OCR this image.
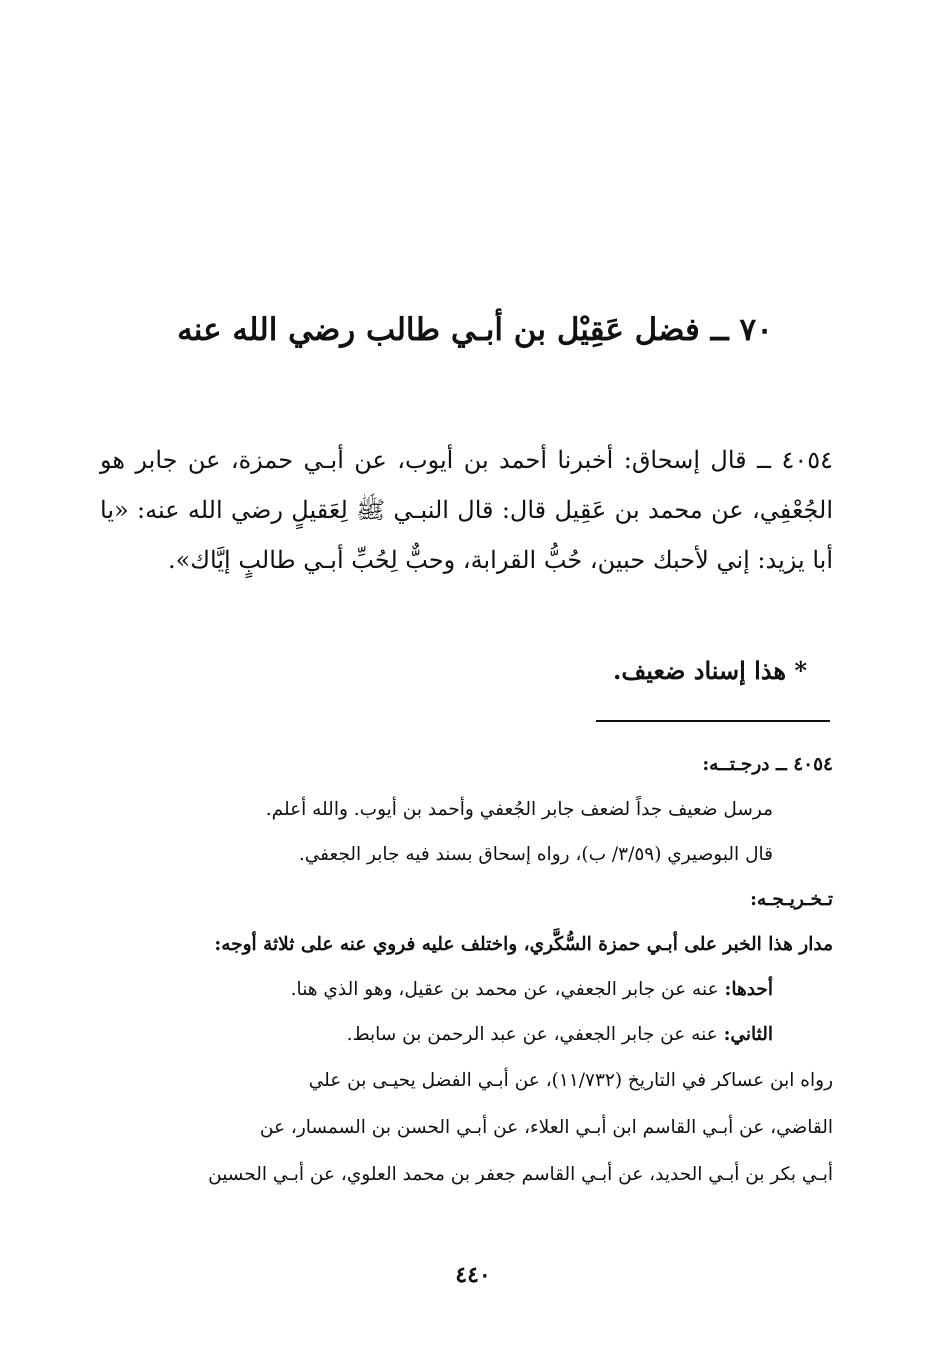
٧٠ ــ فضل عَقِيْل بن أبـي طالب رضي الله عنه

٤٠٥٤ ــ قال إسحاق: أخبرنا أحمد بن أيوب، عن أبـي حمزة، عن جابر هو الجُعْفِي، عن محمد بن عَقِيل قال: قال النبـي ﷺ لِعَقيلٍ رضي الله عنه: «يا أبا يزيد: إني لأحبك حبين، حُبُّ القرابة، وحبٌّ لِحُبِّ أبـي طالبٍ إيَّاك».

* هذا إسناد ضعيف.
٤٠٥٤ ــ درجـتــه:
مرسل ضعيف جداً لضعف جابر الجُعفي وأحمد بن أيوب. والله أعلم.
قال البوصيري (٣/٥٩/ ب)، رواه إسحاق بسند فيه جابر الجعفي.
تـخـريـجـه:
مدار هذا الخبر على أبـي حمزة السُّكَّري، واختلف عليه فروي عنه على ثلاثة أوجه:
أحدها: عنه عن جابر الجعفي، عن محمد بن عقيل، وهو الذي هنا.
الثاني: عنه عن جابر الجعفي، عن عبد الرحمن بن سابط.
رواه ابن عساكر في التاريخ (١١/٧٣٢)، عن أبـي الفضل يحيـى بن علي
القاضي، عن أبـي القاسم ابن أبـي العلاء، عن أبـي الحسن بن السمسار، عن
أبـي بكر بن أبـي الحديد، عن أبـي القاسم جعفر بن محمد العلوي، عن أبـي الحسين
٤٤٠
